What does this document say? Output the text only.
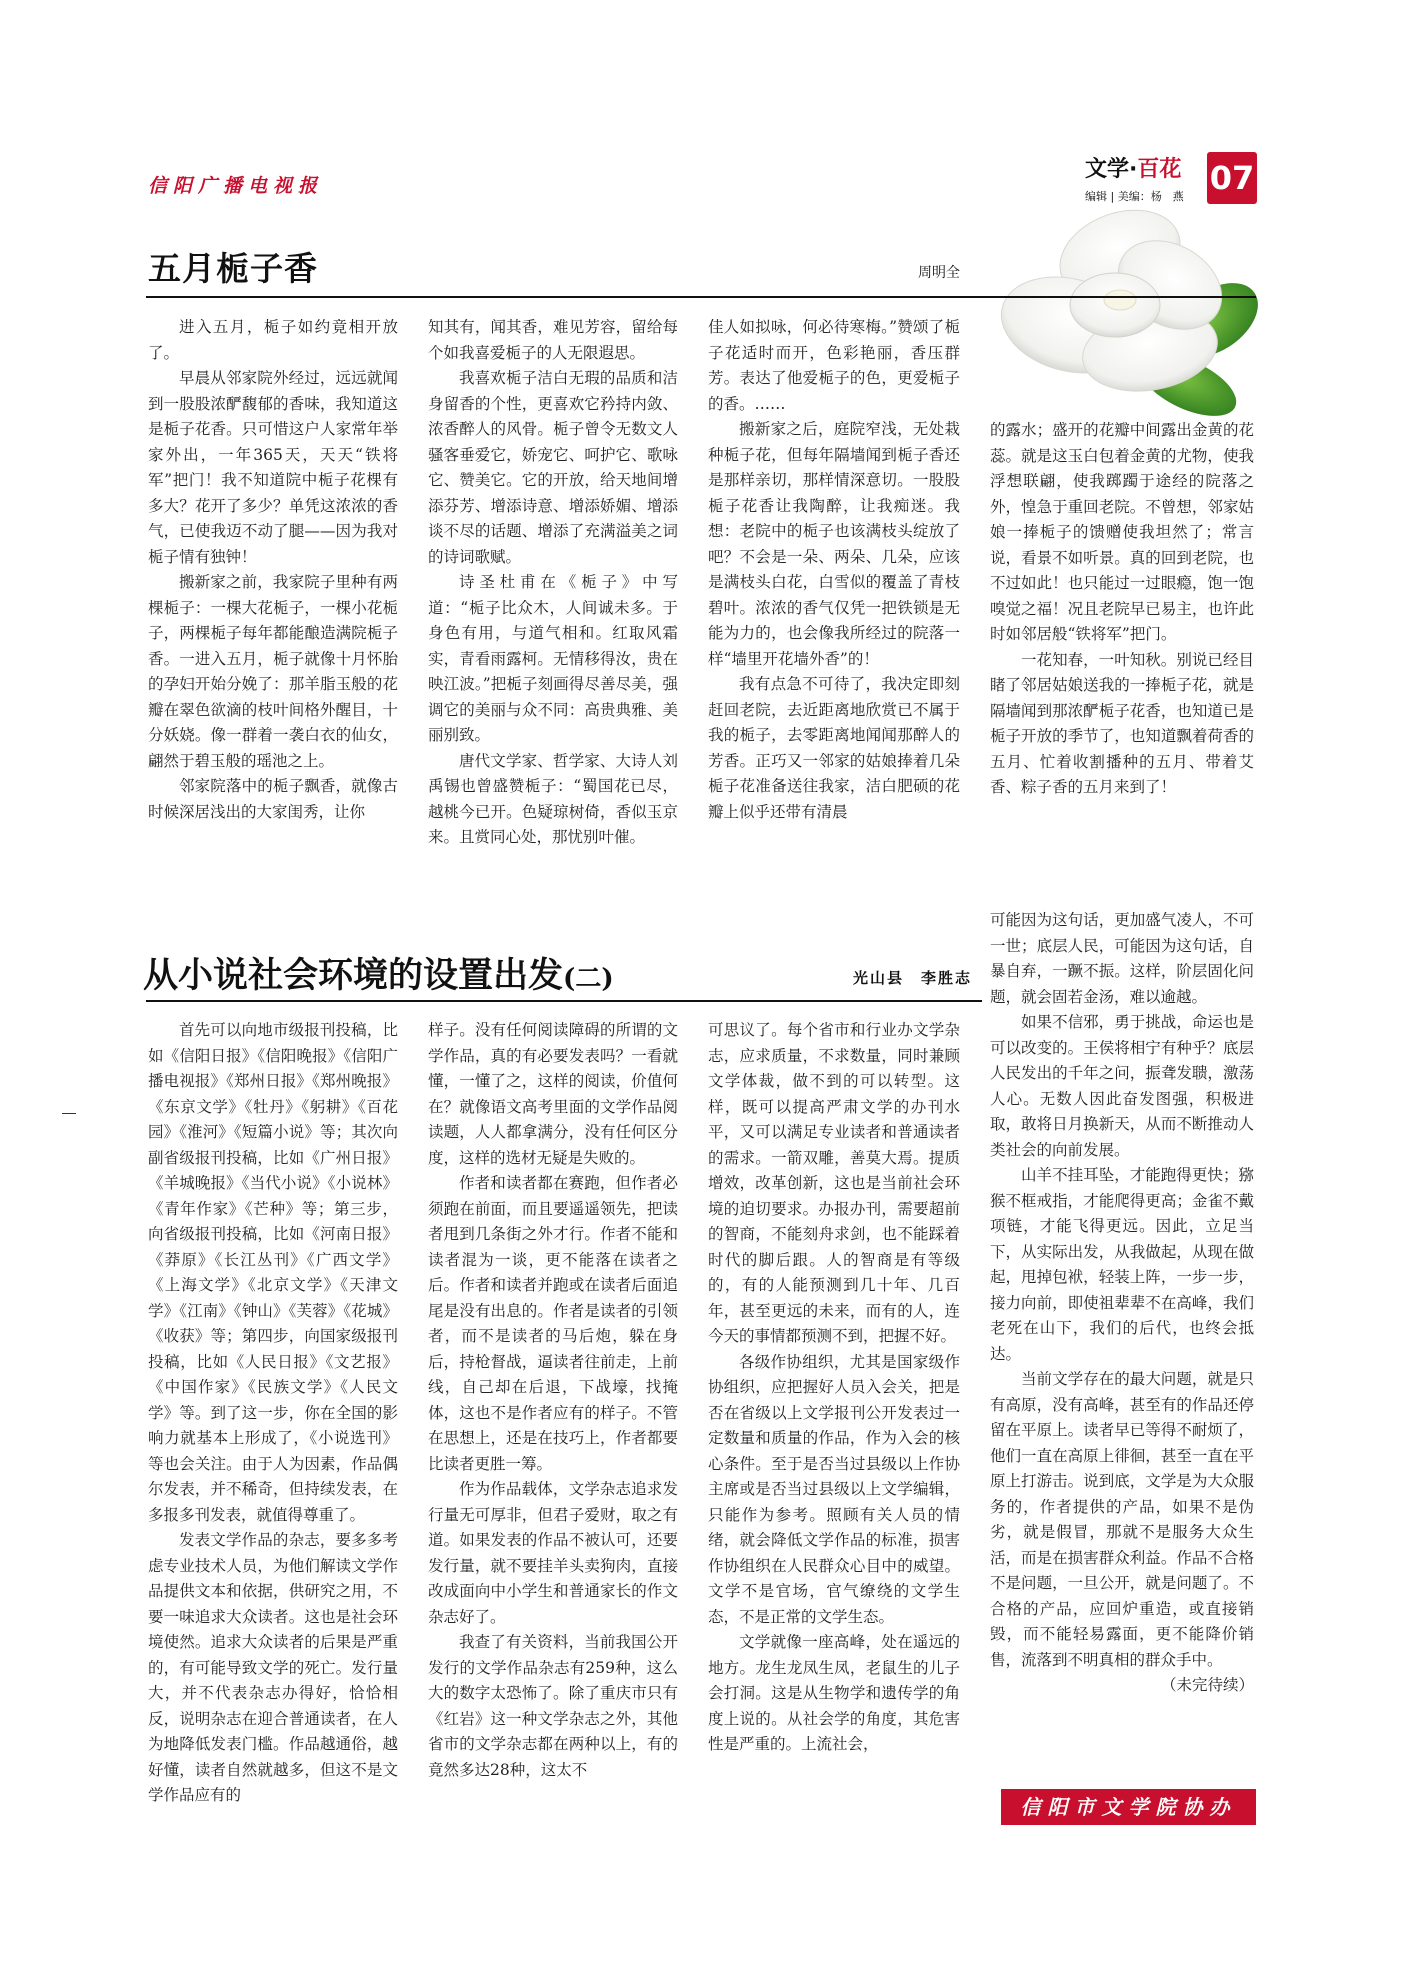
信阳广播电视报
文学·百花
编辑 | 美编：杨　燕 07
五月栀子香	周明全

进入五月，栀子如约竟相开放了。

早晨从邻家院外经过，远远就闻到一股股浓酽馥郁的香味，我知道这是栀子花香。只可惜这户人家常年举家外出，一年365天，天天“铁将军”把门！我不知道院中栀子花棵有多大？花开了多少？单凭这浓浓的香气，已使我迈不动了腿——因为我对栀子情有独钟！

搬新家之前，我家院子里种有两棵栀子：一棵大花栀子，一棵小花栀子，两棵栀子每年都能酿造满院栀子香。一进入五月，栀子就像十月怀胎的孕妇开始分娩了：那羊脂玉般的花瓣在翠色欲滴的枝叶间格外醒目，十分妖娆。像一群着一袭白衣的仙女，翩然于碧玉般的瑶池之上。

邻家院落中的栀子飘香，就像古时候深居浅出的大家闺秀，让你

知其有，闻其香，难见芳容，留给每个如我喜爱栀子的人无限遐思。

我喜欢栀子洁白无瑕的品质和洁身留香的个性，更喜欢它矜持内敛、浓香醉人的风骨。栀子曾令无数文人骚客垂爱它，娇宠它、呵护它、歌咏它、赞美它。它的开放，给天地间增添芬芳、增添诗意、增添娇媚、增添谈不尽的话题、增添了充满溢美之词的诗词歌赋。

诗圣杜甫在《栀子》中写道：“栀子比众木，人间诚未多。于身色有用，与道气相和。红取风霜实，青看雨露柯。无情移得汝，贵在映江波。”把栀子刻画得尽善尽美，强调它的美丽与众不同：高贵典雅、美丽别致。

唐代文学家、哲学家、大诗人刘禹锡也曾盛赞栀子：“蜀国花已尽，越桃今已开。色疑琼树倚，香似玉京来。且赏同心处，那忧别叶催。

佳人如拟咏，何必待寒梅。”赞颂了栀子花适时而开，色彩艳丽，香压群芳。表达了他爱栀子的色，更爱栀子的香。……

搬新家之后，庭院窄浅，无处栽种栀子花，但每年隔墙闻到栀子香还是那样亲切，那样情深意切。一股股栀子花香让我陶醉，让我痴迷。我想：老院中的栀子也该满枝头绽放了吧？不会是一朵、两朵、几朵，应该是满枝头白花，白雪似的覆盖了青枝碧叶。浓浓的香气仅凭一把铁锁是无能为力的，也会像我所经过的院落一样“墙里开花墙外香”的！

我有点急不可待了，我决定即刻赶回老院，去近距离地欣赏已不属于我的栀子，去零距离地闻闻那醉人的芳香。正巧又一邻家的姑娘捧着几朵栀子花准备送往我家，洁白肥硕的花瓣上似乎还带有清晨

的露水；盛开的花瓣中间露出金黄的花蕊。就是这玉白包着金黄的尤物，使我浮想联翩，使我踯躅于途经的院落之外，惶急于重回老院。不曾想，邻家姑娘一捧栀子的馈赠使我坦然了；常言说，看景不如听景。真的回到老院，也不过如此！也只能过一过眼瘾，饱一饱嗅觉之福！况且老院早已易主，也许此时如邻居般“铁将军”把门。

一花知春，一叶知秋。别说已经目睹了邻居姑娘送我的一捧栀子花，就是隔墙闻到那浓酽栀子花香，也知道已是栀子开放的季节了，也知道飘着荷香的五月、忙着收割播种的五月、带着艾香、粽子香的五月来到了！

从小说社会环境的设置出发(二)	光山县　李胜志

首先可以向地市级报刊投稿，比如《信阳日报》《信阳晚报》《信阳广播电视报》《郑州日报》《郑州晚报》《东京文学》《牡丹》《躬耕》《百花园》《淮河》《短篇小说》等；其次向副省级报刊投稿，比如《广州日报》《羊城晚报》《当代小说》《小说林》《青年作家》《芒种》等；第三步，向省级报刊投稿，比如《河南日报》《莽原》《长江丛刊》《广西文学》《上海文学》《北京文学》《天津文学》《江南》《钟山》《芙蓉》《花城》《收获》等；第四步，向国家级报刊投稿，比如《人民日报》《文艺报》《中国作家》《民族文学》《人民文学》等。到了这一步，你在全国的影响力就基本上形成了，《小说选刊》等也会关注。由于人为因素，作品偶尔发表，并不稀奇，但持续发表，在多报多刊发表，就值得尊重了。

发表文学作品的杂志，要多多考虑专业技术人员，为他们解读文学作品提供文本和依据，供研究之用，不要一味追求大众读者。这也是社会环境使然。追求大众读者的后果是严重的，有可能导致文学的死亡。发行量大，并不代表杂志办得好，恰恰相反，说明杂志在迎合普通读者，在人为地降低发表门槛。作品越通俗，越好懂，读者自然就越多，但这不是文学作品应有的

样子。没有任何阅读障碍的所谓的文学作品，真的有必要发表吗？一看就懂，一懂了之，这样的阅读，价值何在？就像语文高考里面的文学作品阅读题，人人都拿满分，没有任何区分度，这样的选材无疑是失败的。

作者和读者都在赛跑，但作者必须跑在前面，而且要遥遥领先，把读者甩到几条街之外才行。作者不能和读者混为一谈，更不能落在读者之后。作者和读者并跑或在读者后面追尾是没有出息的。作者是读者的引领者，而不是读者的马后炮，躲在身后，持枪督战，逼读者往前走，上前线，自己却在后退，下战壕，找掩体，这也不是作者应有的样子。不管在思想上，还是在技巧上，作者都要比读者更胜一筹。

作为作品载体，文学杂志追求发行量无可厚非，但君子爱财，取之有道。如果发表的作品不被认可，还要发行量，就不要挂羊头卖狗肉，直接改成面向中小学生和普通家长的作文杂志好了。

我查了有关资料，当前我国公开发行的文学作品杂志有259种，这么大的数字太恐怖了。除了重庆市只有《红岩》这一种文学杂志之外，其他省市的文学杂志都在两种以上，有的竟然多达28种，这太不

可思议了。每个省市和行业办文学杂志，应求质量，不求数量，同时兼顾文学体裁，做不到的可以转型。这样，既可以提高严肃文学的办刊水平，又可以满足专业读者和普通读者的需求。一箭双雕，善莫大焉。提质增效，改革创新，这也是当前社会环境的迫切要求。办报办刊，需要超前的智商，不能刻舟求剑，也不能踩着时代的脚后跟。人的智商是有等级的，有的人能预测到几十年、几百年，甚至更远的未来，而有的人，连今天的事情都预测不到，把握不好。

各级作协组织，尤其是国家级作协组织，应把握好人员入会关，把是否在省级以上文学报刊公开发表过一定数量和质量的作品，作为入会的核心条件。至于是否当过县级以上作协主席或是否当过县级以上文学编辑，只能作为参考。照顾有关人员的情绪，就会降低文学作品的标准，损害作协组织在人民群众心目中的威望。文学不是官场，官气缭绕的文学生态，不是正常的文学生态。

文学就像一座高峰，处在遥远的地方。龙生龙凤生凤，老鼠生的儿子会打洞。这是从生物学和遗传学的角度上说的。从社会学的角度，其危害性是严重的。上流社会，

可能因为这句话，更加盛气凌人，不可一世；底层人民，可能因为这句话，自暴自弃，一蹶不振。这样，阶层固化问题，就会固若金汤，难以逾越。

如果不信邪，勇于挑战，命运也是可以改变的。王侯将相宁有种乎？底层人民发出的千年之问，振聋发聩，激荡人心。无数人因此奋发图强，积极进取，敢将日月换新天，从而不断推动人类社会的向前发展。

山羊不挂耳坠，才能跑得更快；猕猴不框戒指，才能爬得更高；金雀不戴项链，才能飞得更远。因此，立足当下，从实际出发，从我做起，从现在做起，甩掉包袱，轻装上阵，一步一步，接力向前，即使祖辈辈不在高峰，我们老死在山下，我们的后代，也终会抵达。

当前文学存在的最大问题，就是只有高原，没有高峰，甚至有的作品还停留在平原上。读者早已等得不耐烦了，他们一直在高原上徘徊，甚至一直在平原上打游击。说到底，文学是为大众服务的，作者提供的产品，如果不是伪劣，就是假冒，那就不是服务大众生活，而是在损害群众利益。作品不合格不是问题，一旦公开，就是问题了。不合格的产品，应回炉重造，或直接销毁，而不能轻易露面，更不能降价销售，流落到不明真相的群众手中。

（未完待续）

信阳市文学院协办
